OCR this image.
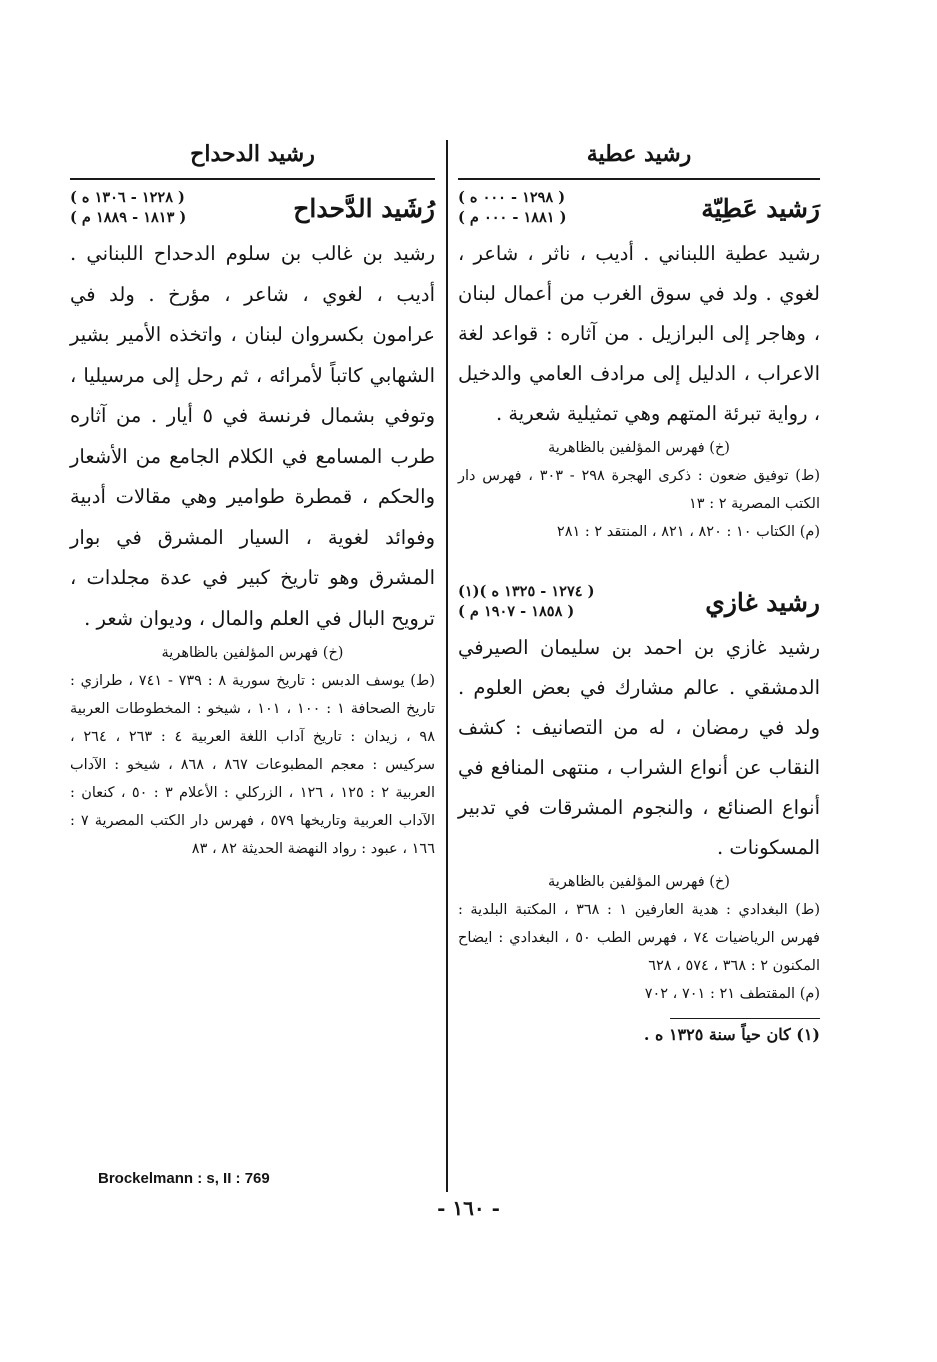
رشيد عطية
رَشيد عَطِيّة
( ١٢٩٨ - ٠٠٠ ه )
( ١٨٨١ - ٠٠٠ م )

رشيد عطية اللبناني . أديب ، ناثر ، شاعر ، لغوي . ولد في سوق الغرب من أعمال لبنان ، وهاجر إلى البرازيل . من آثاره : قواعد لغة الاعراب ، الدليل إلى مرادف العامي والدخيل ، رواية تبرئة المتهم وهي تمثيلية شعرية .

(خ) فهرس المؤلفين بالظاهرية

(ط) توفيق ضعون : ذكرى الهجرة ٢٩٨ - ٣٠٣ ، فهرس دار الكتب المصرية ٢ : ١٣

(م) الكتاب ١٠ : ٨٢٠ ، ٨٢١ ، المنتقد ٢ : ٢٨١

رشيد غازي
( ١٢٧٤ - ١٣٢٥ ه )(١)
( ١٨٥٨ - ١٩٠٧ م )

رشيد غازي بن احمد بن سليمان الصيرفي الدمشقي . عالم مشارك في بعض العلوم . ولد في رمضان ، له من التصانيف : كشف النقاب عن أنواع الشراب ، منتهى المنافع في أنواع الصنائع ، والنجوم المشرقات في تدبير المسكونات .

(خ) فهرس المؤلفين بالظاهرية

(ط) البغدادي : هدية العارفين ١ : ٣٦٨ ، المكتبة البلدية : فهرس الرياضيات ٧٤ ، فهرس الطب ٥٠ ، البغدادي : ايضاح المكنون ٢ : ٣٦٨ ، ٥٧٤ ، ٦٢٨

(م) المقتطف ٢١ : ٧٠١ ، ٧٠٢

(١) كان حياً سنة ١٣٢٥ ه .
رشيد الدحداح
رُشَيد الدَّحداح
( ١٢٢٨ - ١٣٠٦ ه )
( ١٨١٣ - ١٨٨٩ م )

رشيد بن غالب بن سلوم الدحداح اللبناني . أديب ، لغوي ، شاعر ، مؤرخ . ولد في عرامون بكسروان لبنان ، واتخذه الأمير بشير الشهابي كاتباً لأمرائه ، ثم رحل إلى مرسيليا ، وتوفي بشمال فرنسة في ٥ أيار . من آثاره طرب المسامع في الكلام الجامع من الأشعار والحكم ، قمطرة طوامير وهي مقالات أدبية وفوائد لغوية ، السيار المشرق في بوار المشرق وهو تاريخ كبير في عدة مجلدات ، ترويح البال في العلم والمال ، وديوان شعر .

(خ) فهرس المؤلفين بالظاهرية

(ط) يوسف الدبس : تاريخ سورية ٨ : ٧٣٩ - ٧٤١ ، طرازي : تاريخ الصحافة ١ : ١٠٠ ، ١٠١ ، شيخو : المخطوطات العربية ٩٨ ، زيدان : تاريخ آداب اللغة العربية ٤ : ٢٦٣ ، ٢٦٤ ، سركيس : معجم المطبوعات ٨٦٧ ، ٨٦٨ ، شيخو : الآداب العربية ٢ : ١٢٥ ، ١٢٦ ، الزركلي : الأعلام ٣ : ٥٠ ، كنعان : الآداب العربية وتاريخها ٥٧٩ ، فهرس دار الكتب المصرية ٧ : ١٦٦ ، عبود : رواد النهضة الحديثة ٨٢ ، ٨٣

Brockelmann : s, II : 769
- ١٦٠ -
